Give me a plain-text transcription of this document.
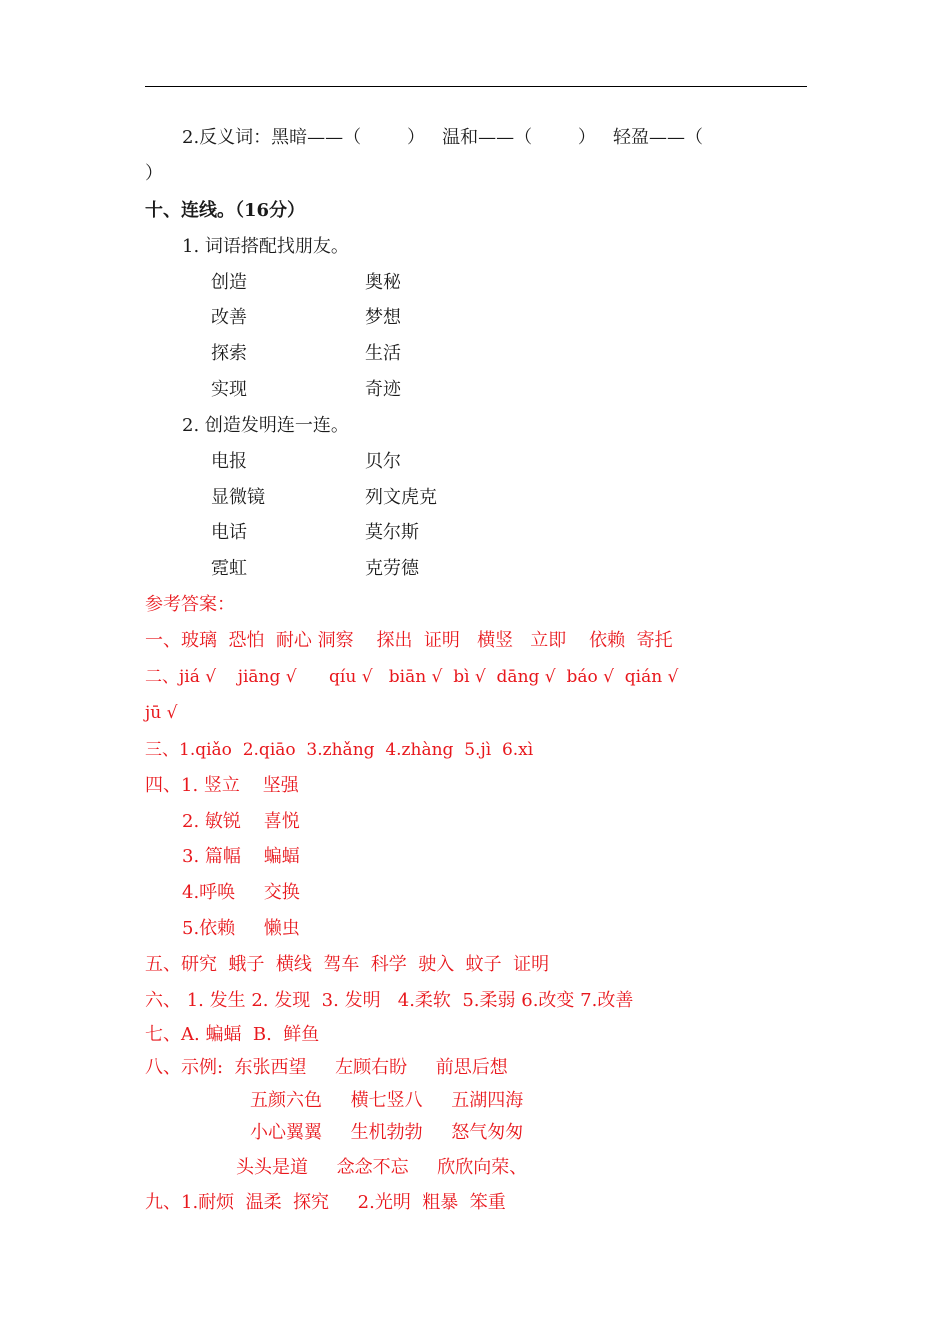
2.反义词：黑暗——（        ）   温和——（        ）   轻盈——（
）
十、连线。（16分）
1. 词语搭配找朋友。
创造	奥秘
改善	梦想
探索	生活
实现	奇迹
2. 创造发明连一连。
电报	贝尔
显微镜	列文虎克
电话	莫尔斯
霓虹	克劳德
参考答案：
一、玻璃  恐怕  耐心 洞察    探出  证明   横竖   立即    依赖  寄托
二、jiá √    jiāng √      qíu √   biān √  bì √  dāng √  báo √  qián √
jū √
三、1.qiǎo  2.qiāo  3.zhǎng  4.zhàng  5.jì  6.xì
四、1. 竖立    坚强
2. 敏锐    喜悦
3. 篇幅    蝙蝠
4.呼唤     交换
5.依赖     懒虫
五、研究  蛾子  横线  驾车  科学  驶入  蚊子  证明
六、 1. 发生 2. 发现  3. 发明   4.柔软  5.柔弱 6.改变 7.改善
七、A. 蝙蝠  B.  鲜鱼
八、示例:  东张西望     左顾右盼     前思后想
五颜六色     横七竖八     五湖四海
小心翼翼     生机勃勃     怒气匆匆
头头是道     念念不忘     欣欣向荣、
九、1.耐烦  温柔  探究     2.光明  粗暴  笨重
